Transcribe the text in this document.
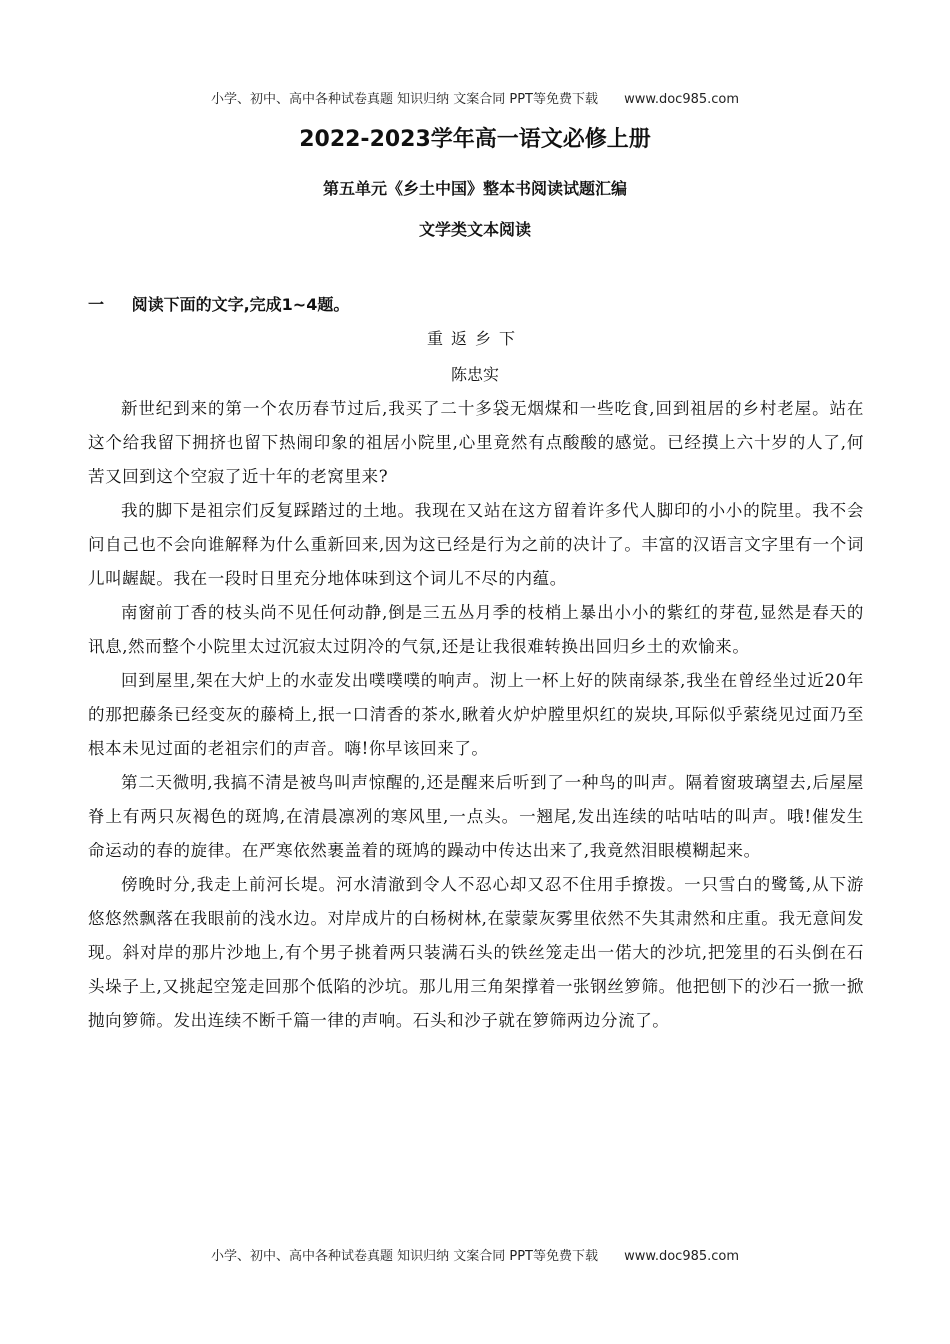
小学、初中、高中各种试卷真题 知识归纳 文案合同 PPT等免费下载 www.doc985.com
2022-2023学年高一语文必修上册
第五单元《乡土中国》整本书阅读试题汇编
文学类文本阅读
一 阅读下面的文字,完成1~4题。
重返乡下
陈忠实

新世纪到来的第一个农历春节过后,我买了二十多袋无烟煤和一些吃食,回到祖居的乡村老屋。站在这个给我留下拥挤也留下热闹印象的祖居小院里,心里竟然有点酸酸的感觉。已经摸上六十岁的人了,何苦又回到这个空寂了近十年的老窝里来?

我的脚下是祖宗们反复踩踏过的土地。我现在又站在这方留着许多代人脚印的小小的院里。我不会问自己也不会向谁解释为什么重新回来,因为这已经是行为之前的决计了。丰富的汉语言文字里有一个词儿叫龌龊。我在一段时日里充分地体味到这个词儿不尽的内蕴。

南窗前丁香的枝头尚不见任何动静,倒是三五丛月季的枝梢上暴出小小的紫红的芽苞,显然是春天的讯息,然而整个小院里太过沉寂太过阴冷的气氛,还是让我很难转换出回归乡土的欢愉来。

回到屋里,架在大炉上的水壶发出噗噗噗的响声。沏上一杯上好的陕南绿茶,我坐在曾经坐过近20年的那把藤条已经变灰的藤椅上,抿一口清香的茶水,瞅着火炉炉膛里炽红的炭块,耳际似乎萦绕见过面乃至根本未见过面的老祖宗们的声音。嗨!你早该回来了。

第二天微明,我搞不清是被鸟叫声惊醒的,还是醒来后听到了一种鸟的叫声。隔着窗玻璃望去,后屋屋脊上有两只灰褐色的斑鸠,在清晨凛冽的寒风里,一点头。一翘尾,发出连续的咕咕咕的叫声。哦!催发生命运动的春的旋律。在严寒依然裹盖着的斑鸠的躁动中传达出来了,我竟然泪眼模糊起来。

傍晚时分,我走上前河长堤。河水清澈到令人不忍心却又忍不住用手撩拨。一只雪白的鹭鸶,从下游悠悠然飘落在我眼前的浅水边。对岸成片的白杨树林,在蒙蒙灰雾里依然不失其肃然和庄重。我无意间发现。斜对岸的那片沙地上,有个男子挑着两只装满石头的铁丝笼走出一偌大的沙坑,把笼里的石头倒在石头垛子上,又挑起空笼走回那个低陷的沙坑。那儿用三角架撑着一张钢丝箩筛。他把刨下的沙石一掀一掀抛向箩筛。发出连续不断千篇一律的声响。石头和沙子就在箩筛两边分流了。

小学、初中、高中各种试卷真题 知识归纳 文案合同 PPT等免费下载 www.doc985.com
